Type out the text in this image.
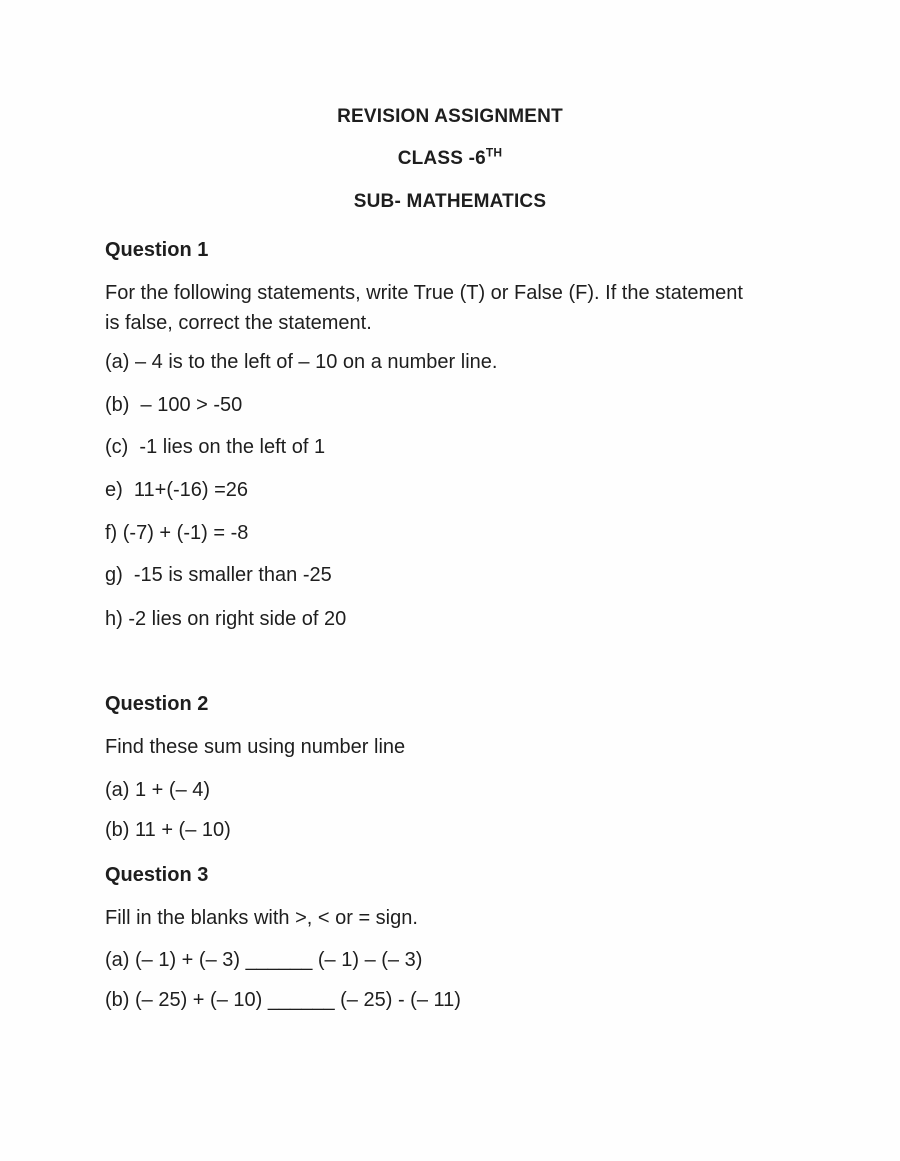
REVISION ASSIGNMENT
CLASS -6TH
SUB- MATHEMATICS
Question 1
For the following statements, write True (T) or False (F). If the statement is false, correct the statement.
(a) – 4 is to the left of – 10 on a number line.
(b)  – 100 > -50
(c)  -1 lies on the left of 1
e)  11+(-16) =26
f) (-7) + (-1) = -8
g)  -15 is smaller than -25
h) -2 lies on right side of 20
Question 2
Find these sum using number line
(a) 1 + (– 4)
(b) 11 + (– 10)
Question 3
Fill in the blanks with >, < or = sign.
(a) (– 1) + (– 3) ______ (– 1) – (– 3)
(b) (– 25) + (– 10) ______ (– 25) - (– 11)
